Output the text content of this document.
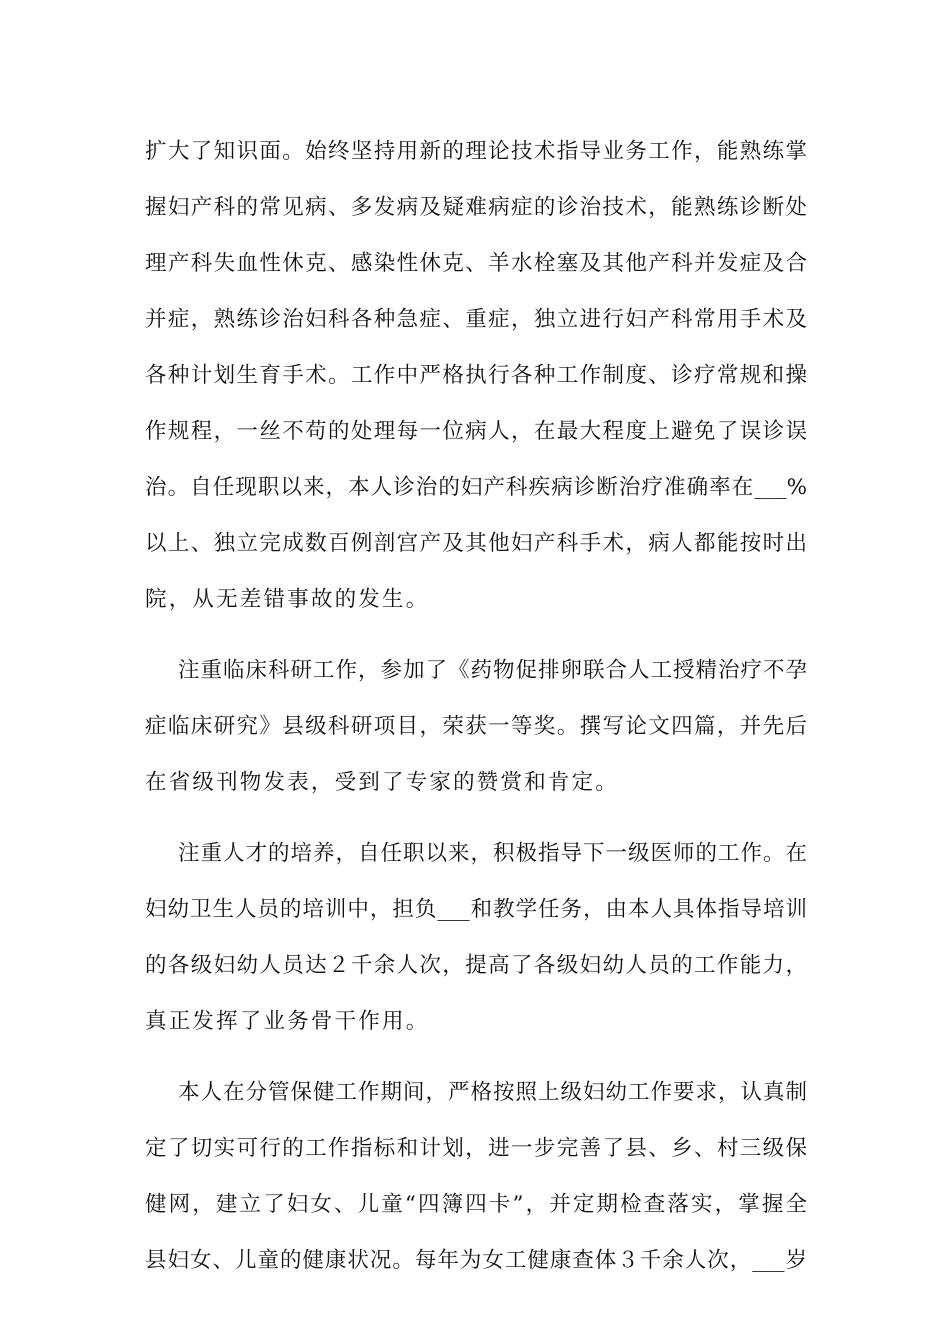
扩大了知识面。始终坚持用新的理论技术指导业务工作，能熟练掌
握妇产科的常见病、多发病及疑难病症的诊治技术，能熟练诊断处
理产科失血性休克、感染性休克、羊水栓塞及其他产科并发症及合
并症，熟练诊治妇科各种急症、重症，独立进行妇产科常用手术及
各种计划生育手术。工作中严格执行各种工作制度、诊疗常规和操
作规程，一丝不苟的处理每一位病人，在最大程度上避免了误诊误
治。自任现职以来，本人诊治的妇产科疾病诊断治疗准确率在___%
以上、独立完成数百例剖宫产及其他妇产科手术，病人都能按时出
院，从无差错事故的发生。
注重临床科研工作，参加了《药物促排卵联合人工授精治疗不孕
症临床研究》县级科研项目，荣获一等奖。撰写论文四篇，并先后
在省级刊物发表，受到了专家的赞赏和肯定。
注重人才的培养，自任职以来，积极指导下一级医师的工作。在
妇幼卫生人员的培训中，担负___和教学任务，由本人具体指导培训
的各级妇幼人员达２千余人次，提高了各级妇幼人员的工作能力，
真正发挥了业务骨干作用。
本人在分管保健工作期间，严格按照上级妇幼工作要求，认真制
定了切实可行的工作指标和计划，进一步完善了县、乡、村三级保
健网，建立了妇女、儿童“四簿四卡”，并定期检查落实，掌握全
县妇女、儿童的健康状况。每年为女工健康查体３千余人次，___岁
